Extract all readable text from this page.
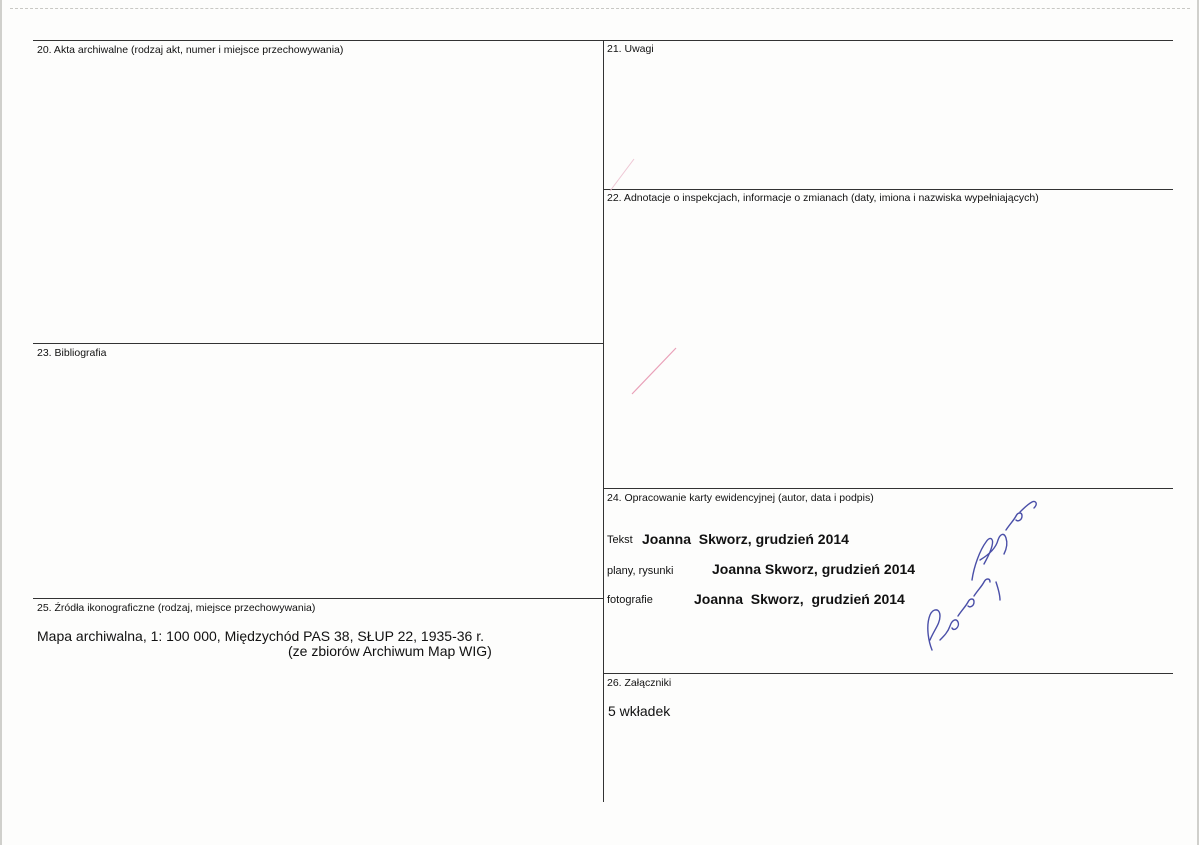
20. Akta archiwalne (rodzaj akt, numer i miejsce przechowywania)	21. Uwagi
22. Adnotacje o inspekcjach, informacje o zmianach (daty, imiona i nazwiska wypełniających)
23. Bibliografia
24. Opracowanie karty ewidencyjnej (autor, data i podpis)
Tekst Joanna  Skworz, grudzień 2014
plany, rysunki	Joanna Skworz, grudzień 2014
fotografie	Joanna  Skworz,  grudzień 2014
25. Źródła ikonograficzne (rodzaj, miejsce przechowywania)
Mapa archiwalna, 1: 100 000, Międzychód PAS 38, SŁUP 22, 1935-36 r.
(ze zbiorów Archiwum Map WIG)
26. Załączniki
5 wkładek
